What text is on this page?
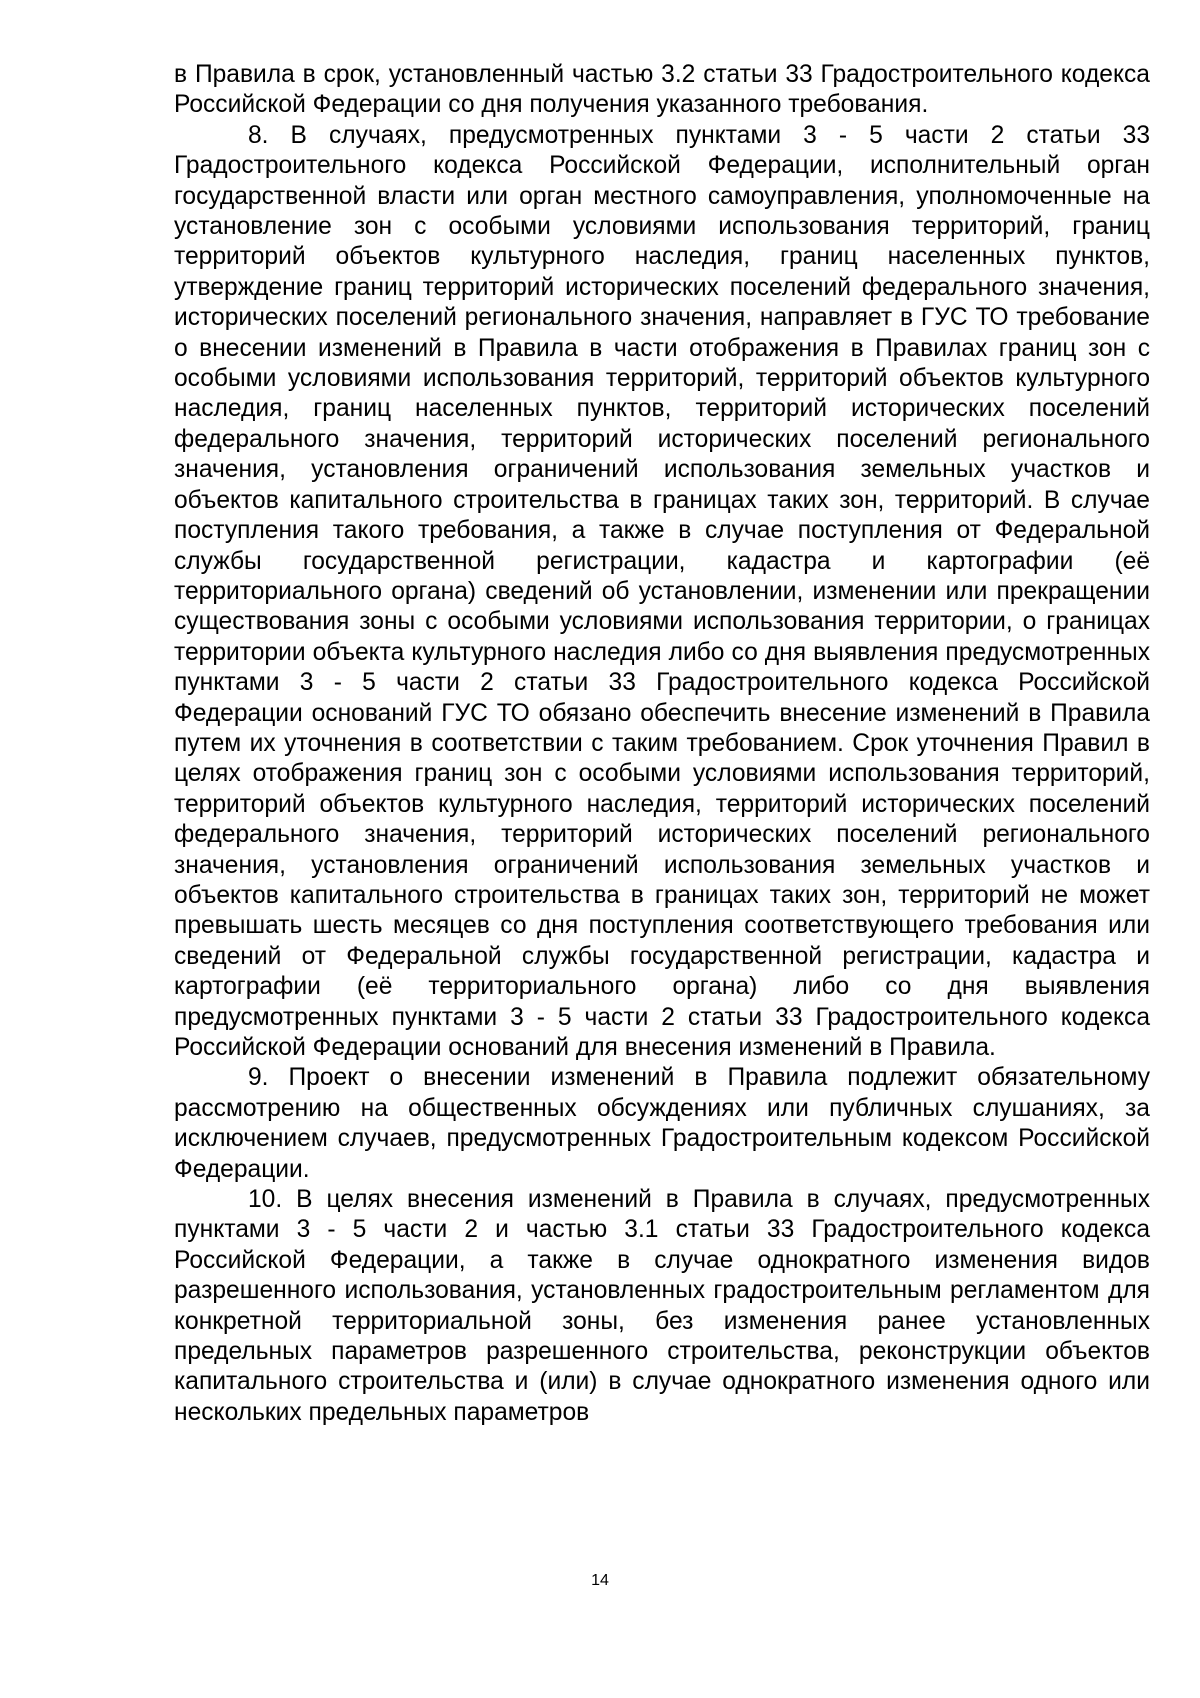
в Правила в срок, установленный частью 3.2 статьи 33 Градостроительного кодекса Российской Федерации со дня получения указанного требования.

8. В случаях, предусмотренных пунктами 3 - 5 части 2 статьи 33 Градостроительного кодекса Российской Федерации, исполнительный орган государственной власти или орган местного самоуправления, уполномоченные на установление зон с особыми условиями использования территорий, границ территорий объектов культурного наследия, границ населенных пунктов, утверждение границ территорий исторических поселений федерального значения, исторических поселений регионального значения, направляет в ГУС ТО требование о внесении изменений в Правила в части отображения в Правилах границ зон с особыми условиями использования территорий, территорий объектов культурного наследия, границ населенных пунктов, территорий исторических поселений федерального значения, территорий исторических поселений регионального значения, установления ограничений использования земельных участков и объектов капитального строительства в границах таких зон, территорий. В случае поступления такого требования, а также в случае поступления от Федеральной службы государственной регистрации, кадастра и картографии (её территориального органа) сведений об установлении, изменении или прекращении существования зоны с особыми условиями использования территории, о границах территории объекта культурного наследия либо со дня выявления предусмотренных пунктами 3 - 5 части 2 статьи 33 Градостроительного кодекса Российской Федерации оснований ГУС ТО обязано обеспечить внесение изменений в Правила путем их уточнения в соответствии с таким требованием. Срок уточнения Правил в целях отображения границ зон с особыми условиями использования территорий, территорий объектов культурного наследия, территорий исторических поселений федерального значения, территорий исторических поселений регионального значения, установления ограничений использования земельных участков и объектов капитального строительства в границах таких зон, территорий не может превышать шесть месяцев со дня поступления соответствующего требования или сведений от Федеральной службы государственной регистрации, кадастра и картографии (её территориального органа) либо со дня выявления предусмотренных пунктами 3 - 5 части 2 статьи 33 Градостроительного кодекса Российской Федерации оснований для внесения изменений в Правила.

9. Проект о внесении изменений в Правила подлежит обязательному рассмотрению на общественных обсуждениях или публичных слушаниях, за исключением случаев, предусмотренных Градостроительным кодексом Российской Федерации.

10. В целях внесения изменений в Правила в случаях, предусмотренных пунктами 3 - 5 части 2 и частью 3.1 статьи 33 Градостроительного кодекса Российской Федерации, а также в случае однократного изменения видов разрешенного использования, установленных градостроительным регламентом для конкретной территориальной зоны, без изменения ранее установленных предельных параметров разрешенного строительства, реконструкции объектов капитального строительства и (или) в случае однократного изменения одного или нескольких предельных параметров

14
